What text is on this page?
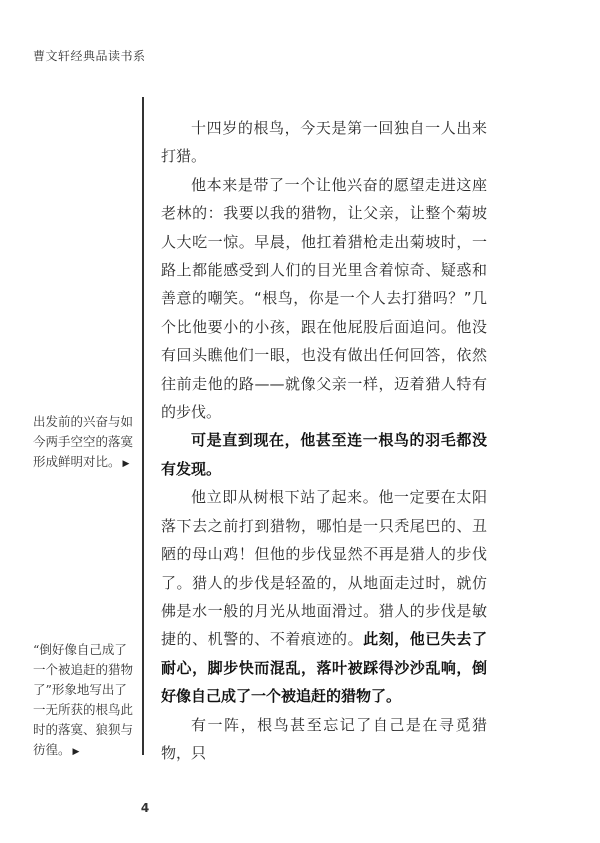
曹文轩经典品读书系
出发前的兴奋与如今两手空空的落寞形成鲜明对比。 ▶
“倒好像自己成了一个被追赶的猎物了”形象地写出了一无所获的根鸟此时的落寞、狼狈与彷徨。 ▶

十四岁的根鸟，今天是第一回独自一人出来打猎。

他本来是带了一个让他兴奋的愿望走进这座老林的：我要以我的猎物，让父亲，让整个菊坡人大吃一惊。早晨，他扛着猎枪走出菊坡时，一路上都能感受到人们的目光里含着惊奇、疑惑和善意的嘲笑。“根鸟，你是一个人去打猎吗？”几个比他要小的小孩，跟在他屁股后面追问。他没有回头瞧他们一眼，也没有做出任何回答，依然往前走他的路——就像父亲一样，迈着猎人特有的步伐。

可是直到现在，他甚至连一根鸟的羽毛都没有发现。

他立即从树根下站了起来。他一定要在太阳落下去之前打到猎物，哪怕是一只秃尾巴的、丑陋的母山鸡！但他的步伐显然不再是猎人的步伐了。猎人的步伐是轻盈的，从地面走过时，就仿佛是水一般的月光从地面滑过。猎人的步伐是敏捷的、机警的、不着痕迹的。此刻，他已失去了耐心，脚步快而混乱，落叶被踩得沙沙乱响，倒好像自己成了一个被追赶的猎物了。

有一阵，根鸟甚至忘记了自己是在寻觅猎物，只

4
